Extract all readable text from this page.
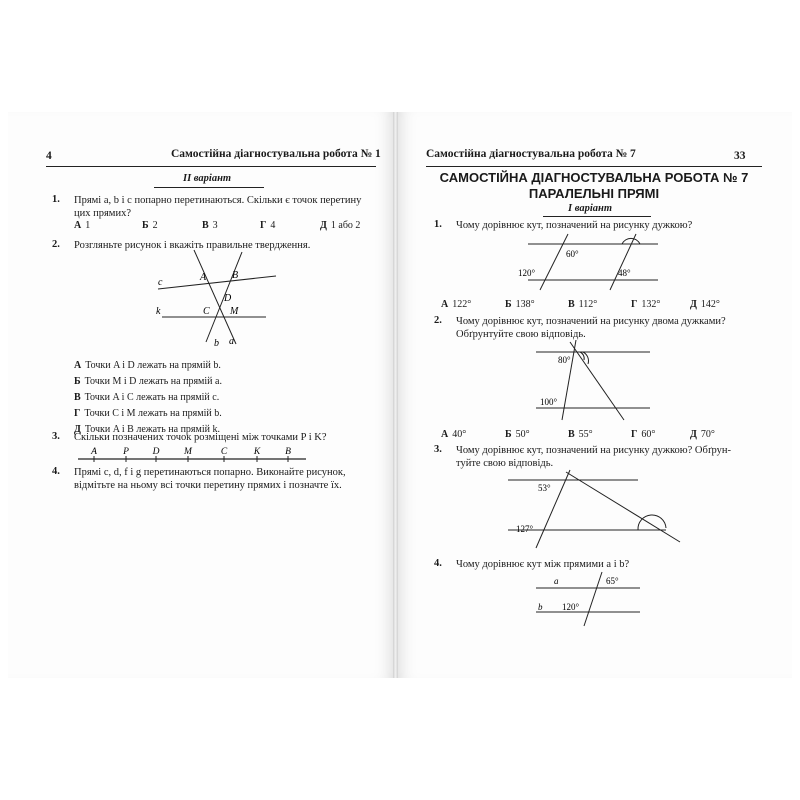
4	Самостійна діагностувальна робота № 1
II варіант
1. Прямі a, b і c попарно перетинаються. Скільки є точок перетину
цих прямих?
А 1	Б 2	В 3	Г 4	Д 1 або 2
2. Розгляньте рисунок і вкажіть правильне твердження.
c
k
A	B
D
C M
a
b
А Точки A і D лежать на прямій b.
Б Точки M і D лежать на прямій a.
В Точки A і C лежать на прямій c.
Г Точки C і M лежать на прямій b.
Д Точки A і B лежать на прямій k.
3. Скільки позначених точок розміщені між точками P і K?
A	P D	M	C	K	B
4. Прямі c, d, f і g перетинаються попарно. Виконайте рисунок,
відмітьте на ньому всі точки перетину прямих і позначте їх.
Самостійна діагностувальна робота № 7	33
САМОСТІЙНА ДІАГНОСТУВАЛЬНА РОБОТА № 7
ПАРАЛЕЛЬНІ ПРЯМІ
І варіант
1. Чому дорівнює кут, позначений на рисунку дужкою?
60°
120°	48°
А 122°	Б 138°	В 112°	Г 132°	Д 142°
2. Чому дорівнює кут, позначений на рисунку двома дужками?
Обґрунтуйте свою відповідь.
80°
100°
А 40°	Б 50°	В 55°	Г 60°	Д 70°
3. Чому дорівнює кут, позначений на рисунку дужкою? Обґрун-
туйте свою відповідь.
53°
127°
4. Чому дорівнює кут між прямими a і b?
a
b
65°
120°
